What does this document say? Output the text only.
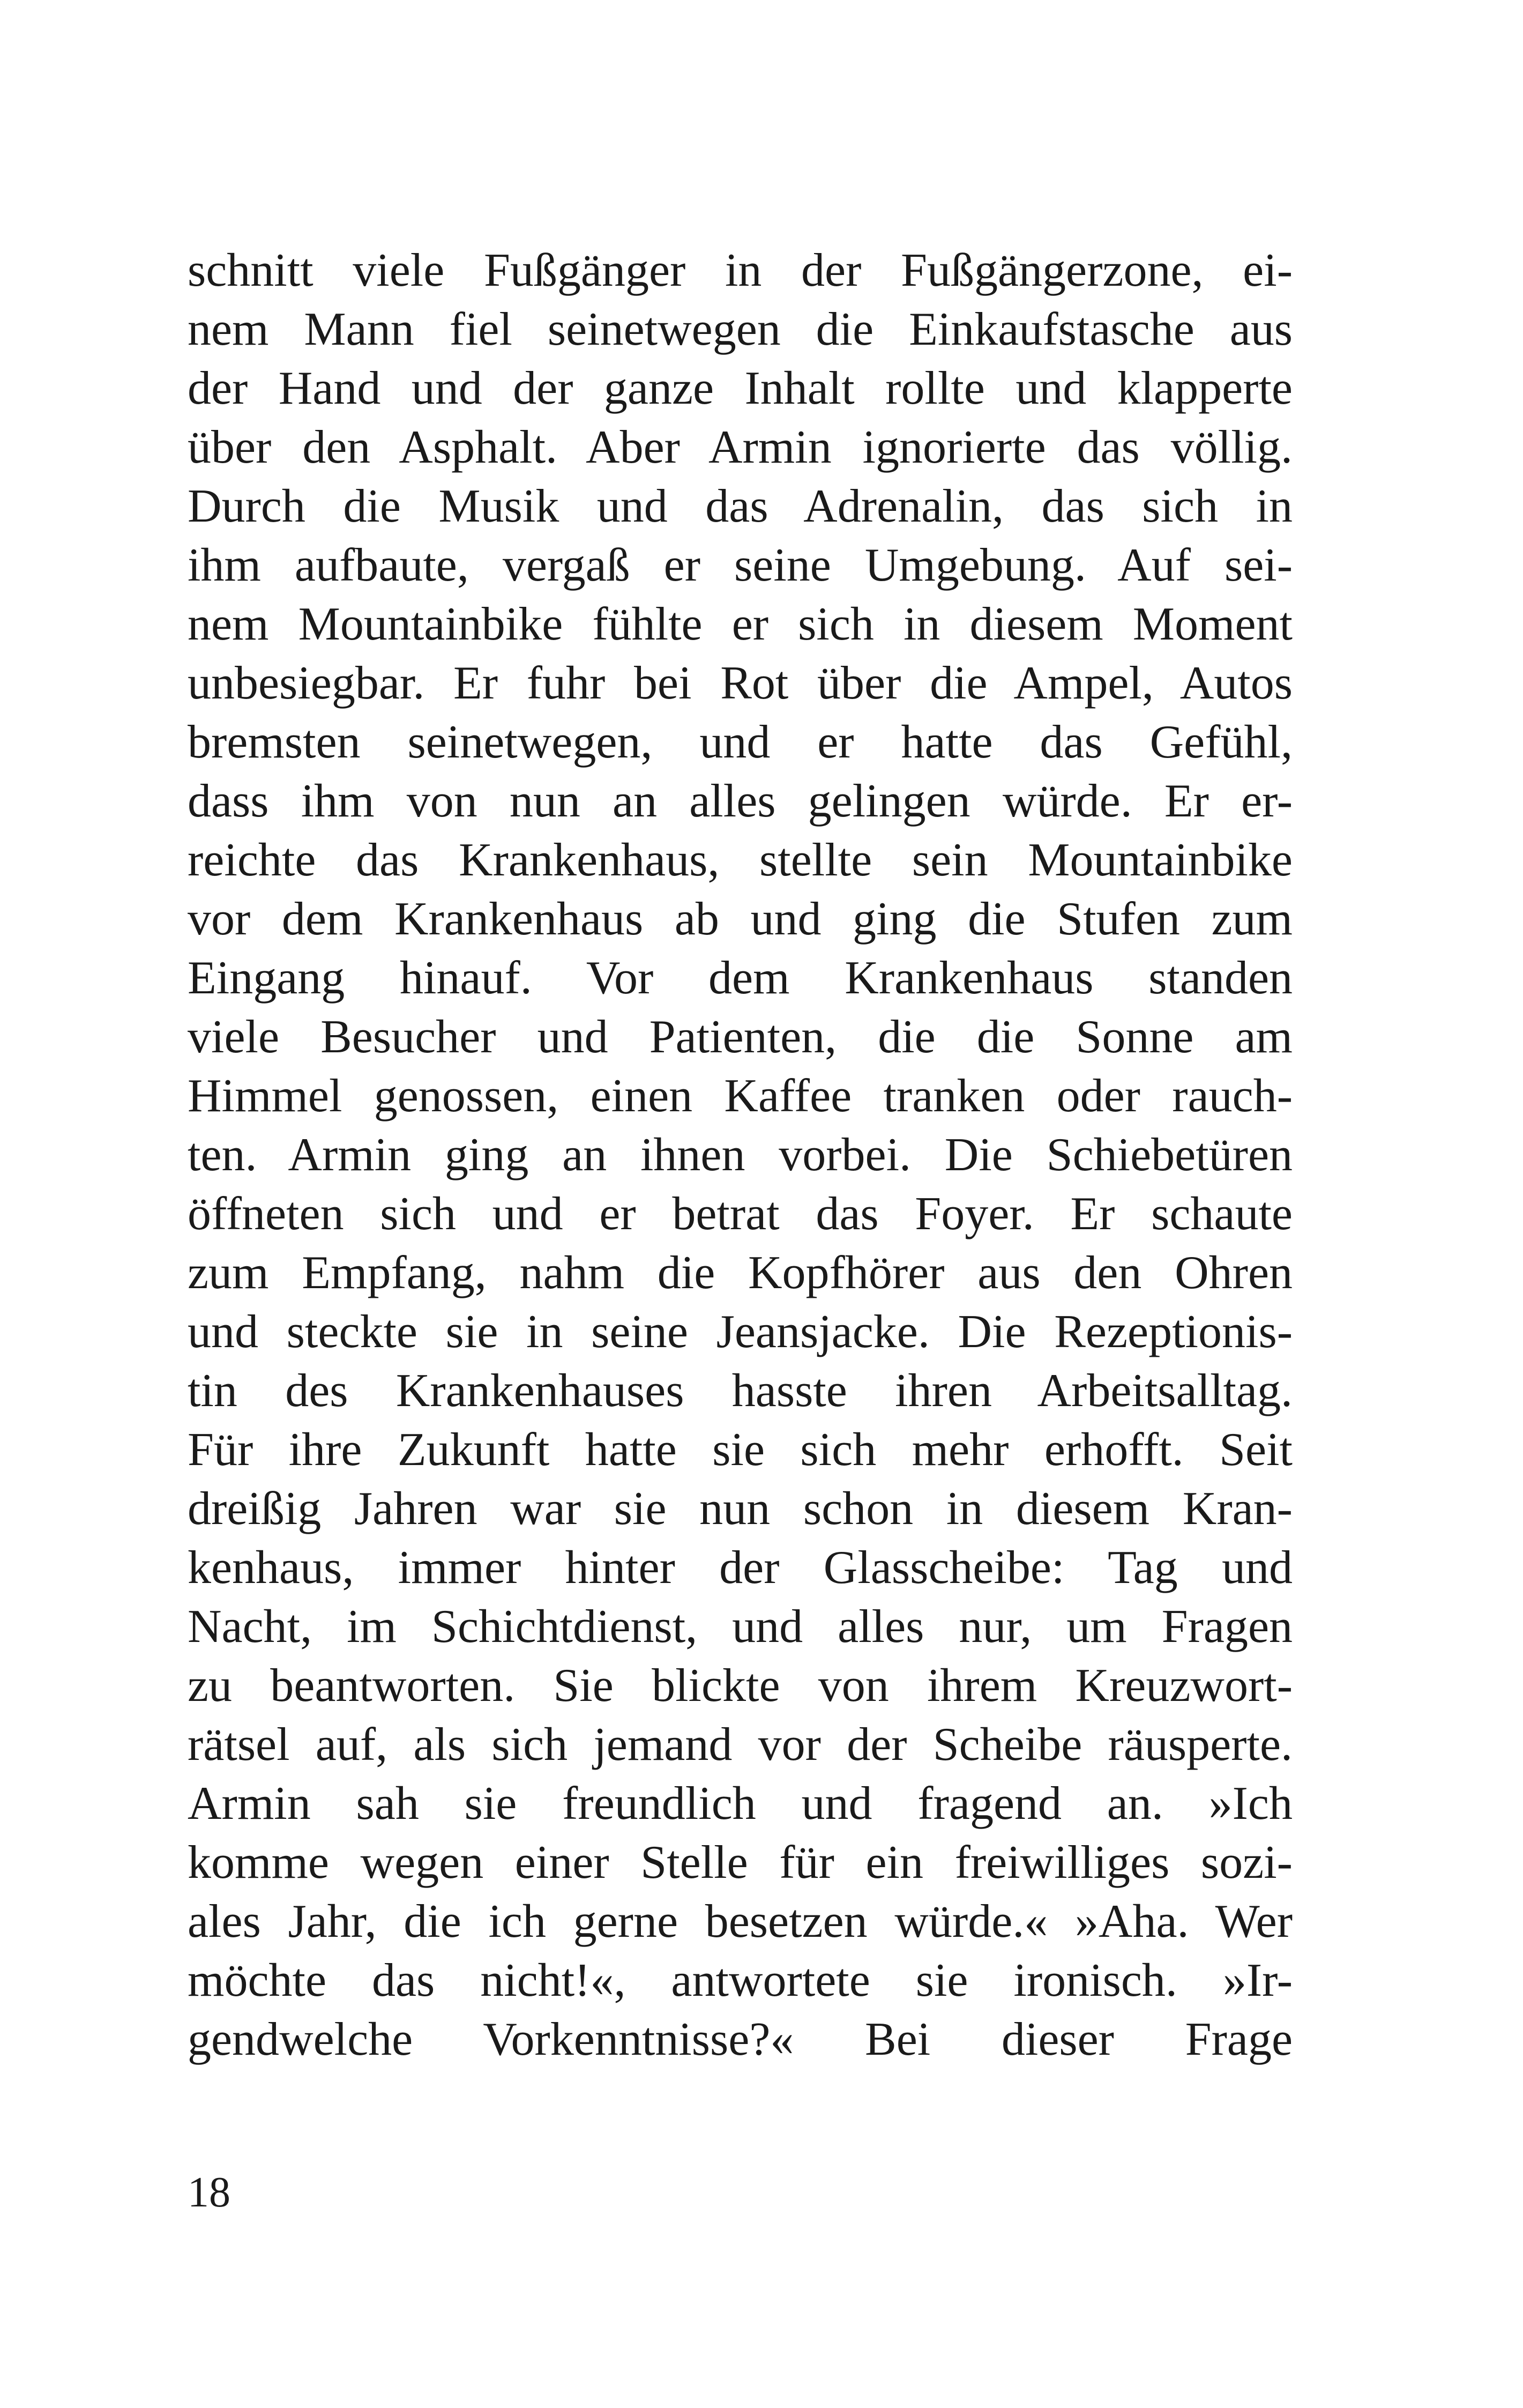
schnitt viele Fußgänger in der Fußgängerzone, ei-
nem Mann fiel seinetwegen die Einkaufstasche aus
der Hand und der ganze Inhalt rollte und klapperte
über den Asphalt. Aber Armin ignorierte das völlig.
Durch die Musik und das Adrenalin, das sich in
ihm aufbaute, vergaß er seine Umgebung. Auf sei-
nem Mountainbike fühlte er sich in diesem Moment
unbesiegbar. Er fuhr bei Rot über die Ampel, Autos
bremsten seinetwegen, und er hatte das Gefühl,
dass ihm von nun an alles gelingen würde. Er er-
reichte das Krankenhaus, stellte sein Mountainbike
vor dem Krankenhaus ab und ging die Stufen zum
Eingang hinauf. Vor dem Krankenhaus standen
viele Besucher und Patienten, die die Sonne am
Himmel genossen, einen Kaffee tranken oder rauch-
ten. Armin ging an ihnen vorbei. Die Schiebetüren
öffneten sich und er betrat das Foyer. Er schaute
zum Empfang, nahm die Kopfhörer aus den Ohren
und steckte sie in seine Jeansjacke. Die Rezeptionis-
tin des Krankenhauses hasste ihren Arbeitsalltag.
Für ihre Zukunft hatte sie sich mehr erhofft. Seit
dreißig Jahren war sie nun schon in diesem Kran-
kenhaus, immer hinter der Glasscheibe: Tag und
Nacht, im Schichtdienst, und alles nur, um Fragen
zu beantworten. Sie blickte von ihrem Kreuzwort-
rätsel auf, als sich jemand vor der Scheibe räusperte.
Armin sah sie freundlich und fragend an. »Ich
komme wegen einer Stelle für ein freiwilliges sozi-
ales Jahr, die ich gerne besetzen würde.« »Aha. Wer
möchte das nicht!«, antwortete sie ironisch. »Ir-
gendwelche Vorkenntnisse?« Bei dieser Frage
18
